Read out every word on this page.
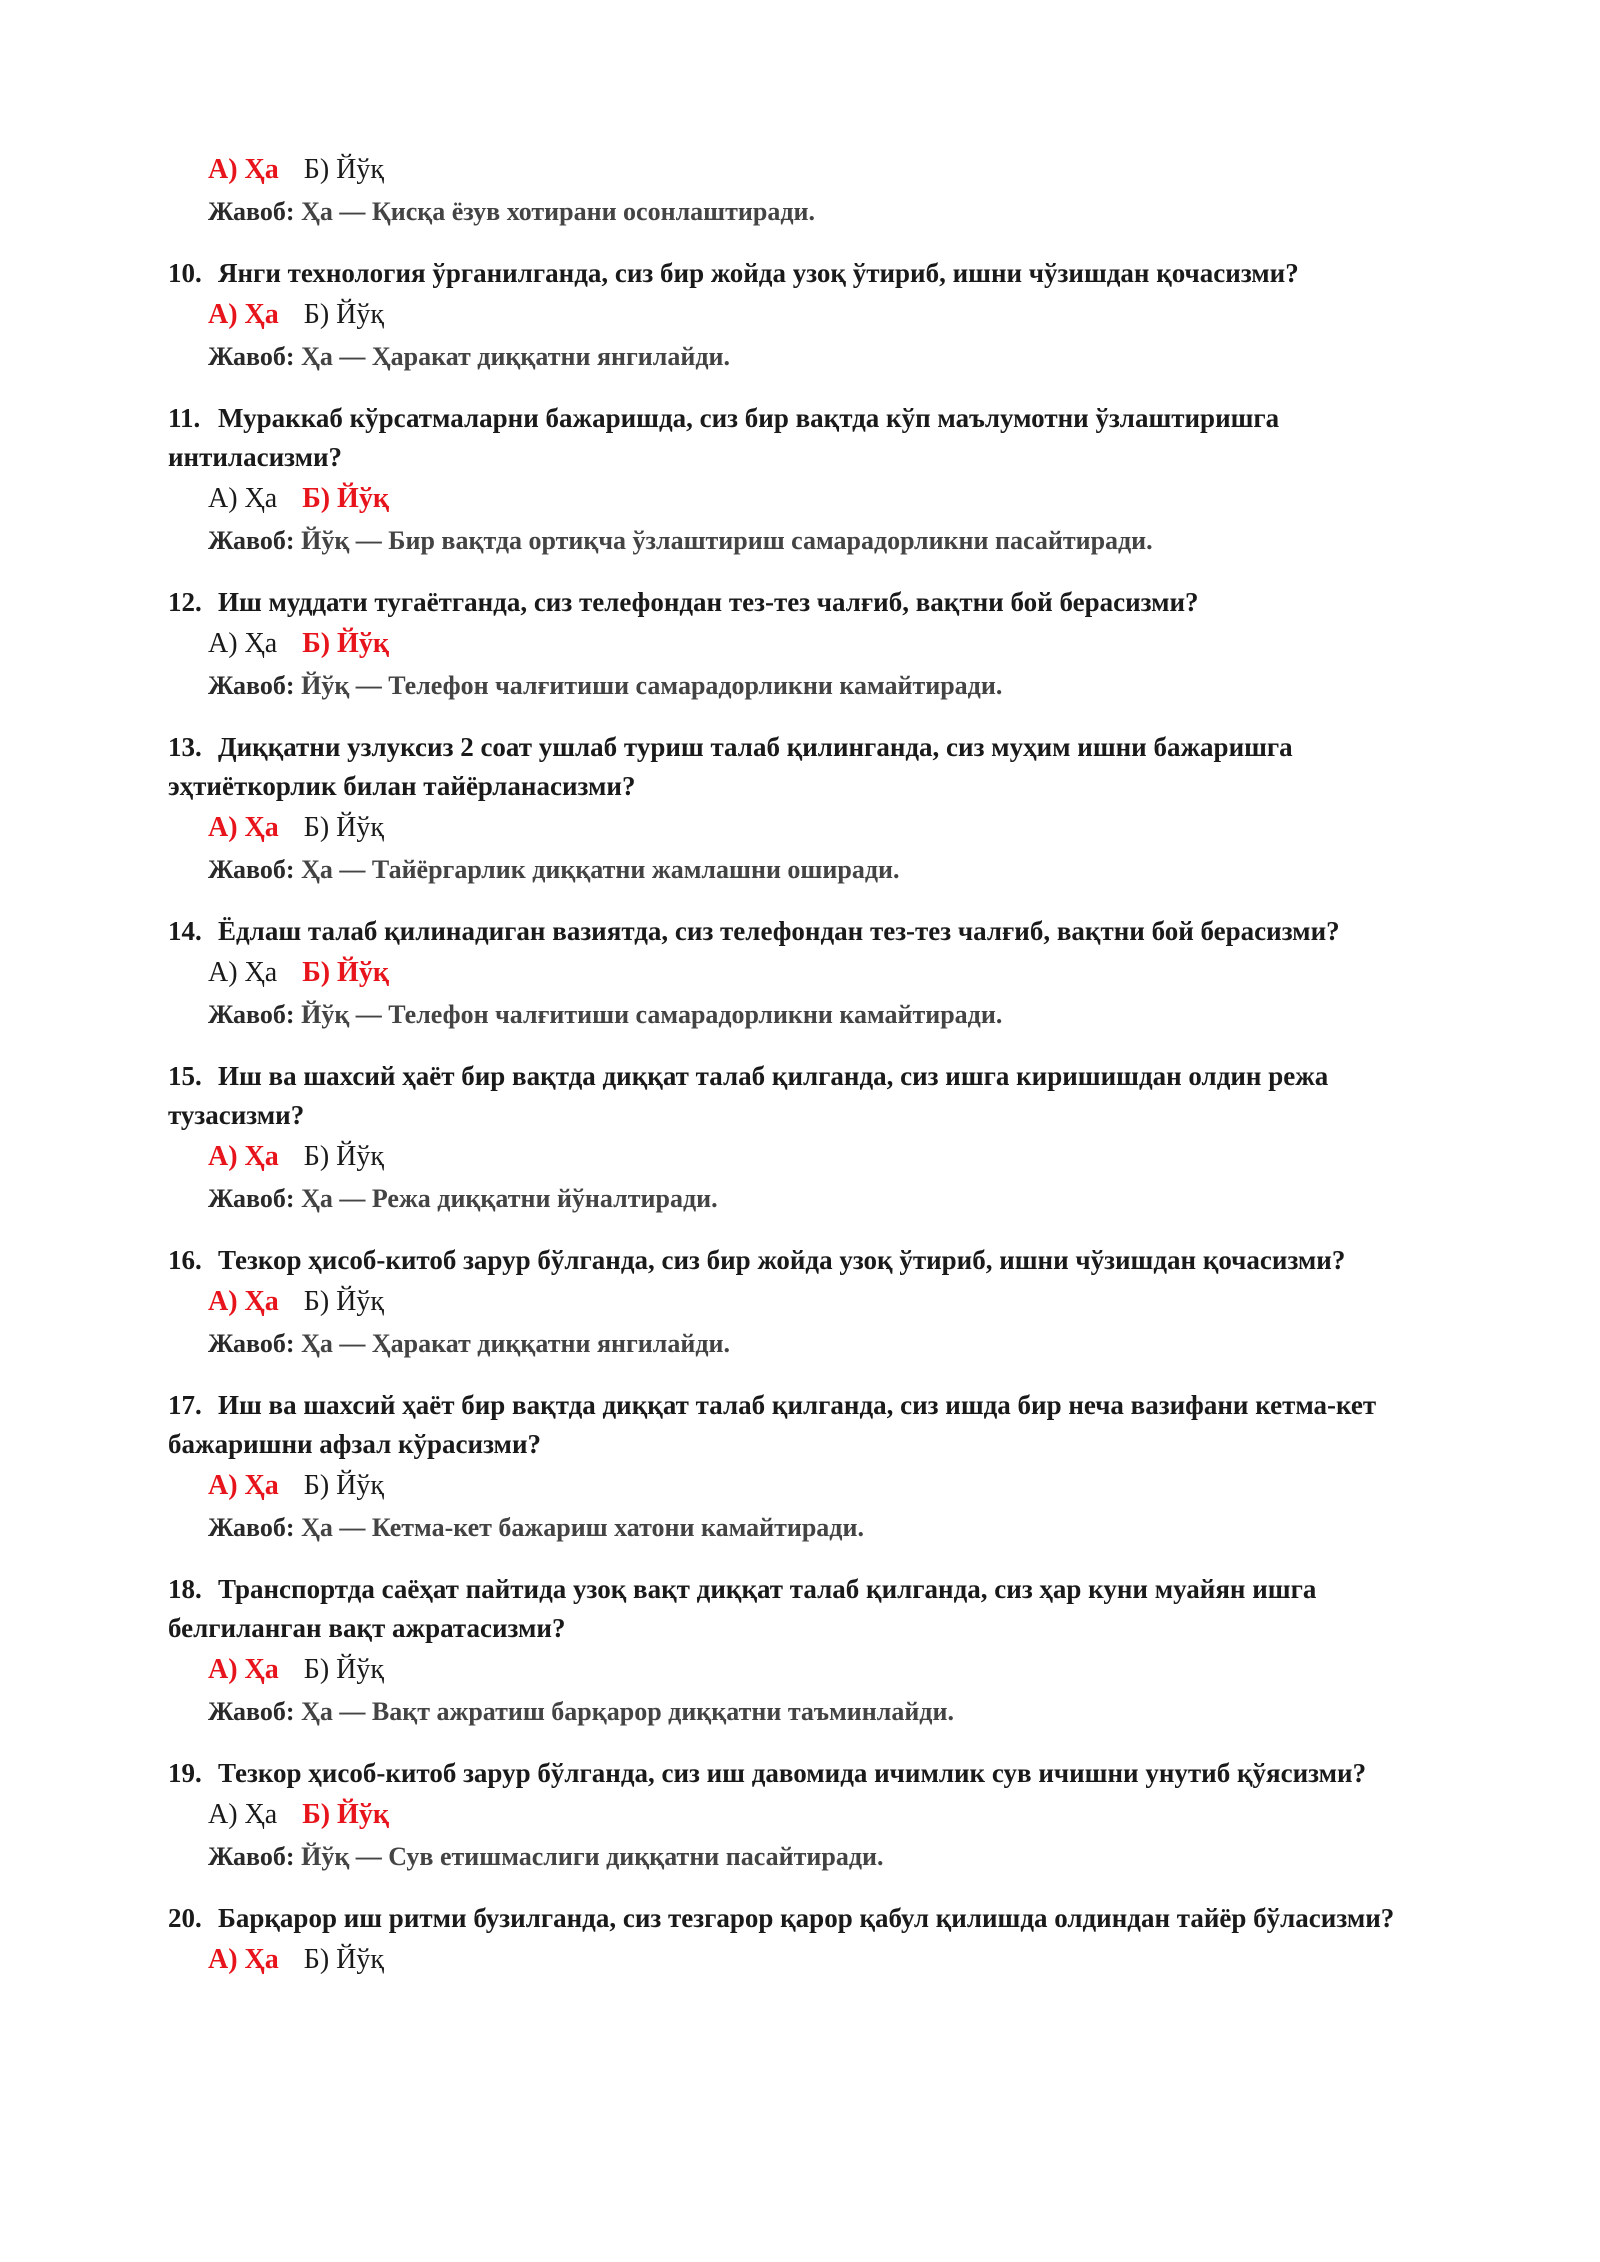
А) Ҳа Б) Йўқ
Жавоб: Ҳа — Қисқа ёзув хотирани осонлаштиради.
10. Янги технология ўрганилганда, сиз бир жойда узоқ ўтириб, ишни чўзишдан қочасизми?
А) Ҳа Б) Йўқ
Жавоб: Ҳа — Ҳаракат диққатни янгилайди.
11. Мураккаб кўрсатмаларни бажаришда, сиз бир вақтда кўп маълумотни ўзлаштиришга интиласизми?
А) Ҳа Б) Йўқ
Жавоб: Йўқ — Бир вақтда ортиқча ўзлаштириш самарадорликни пасайтиради.
12. Иш муддати тугаётганда, сиз телефондан тез-тез чалғиб, вақтни бой берасизми?
А) Ҳа Б) Йўқ
Жавоб: Йўқ — Телефон чалғитиши самарадорликни камайтиради.
13. Диққатни узлуксиз 2 соат ушлаб туриш талаб қилинганда, сиз муҳим ишни бажаришга эҳтиёткорлик билан тайёрланасизми?
А) Ҳа Б) Йўқ
Жавоб: Ҳа — Тайёргарлик диққатни жамлашни оширади.
14. Ёдлаш талаб қилинадиган вазиятда, сиз телефондан тез-тез чалғиб, вақтни бой берасизми?
А) Ҳа Б) Йўқ
Жавоб: Йўқ — Телефон чалғитиши самарадорликни камайтиради.
15. Иш ва шахсий ҳаёт бир вақтда диққат талаб қилганда, сиз ишга киришишдан олдин режа тузасизми?
А) Ҳа Б) Йўқ
Жавоб: Ҳа — Режа диққатни йўналтиради.
16. Тезкор ҳисоб-китоб зарур бўлганда, сиз бир жойда узоқ ўтириб, ишни чўзишдан қочасизми?
А) Ҳа Б) Йўқ
Жавоб: Ҳа — Ҳаракат диққатни янгилайди.
17. Иш ва шахсий ҳаёт бир вақтда диққат талаб қилганда, сиз ишда бир неча вазифани кетма-кет бажаришни афзал кўрасизми?
А) Ҳа Б) Йўқ
Жавоб: Ҳа — Кетма-кет бажариш хатони камайтиради.
18. Транспортда саёҳат пайтида узоқ вақт диққат талаб қилганда, сиз ҳар куни муайян ишга белгиланган вақт ажратасизми?
А) Ҳа Б) Йўқ
Жавоб: Ҳа — Вақт ажратиш барқарор диққатни таъминлайди.
19. Тезкор ҳисоб-китоб зарур бўлганда, сиз иш давомида ичимлик сув ичишни унутиб қўясизми?
А) Ҳа Б) Йўқ
Жавоб: Йўқ — Сув етишмаслиги диққатни пасайтиради.
20. Барқарор иш ритми бузилганда, сиз тезгарор қарор қабул қилишда олдиндан тайёр бўласизми?
А) Ҳа Б) Йўқ
